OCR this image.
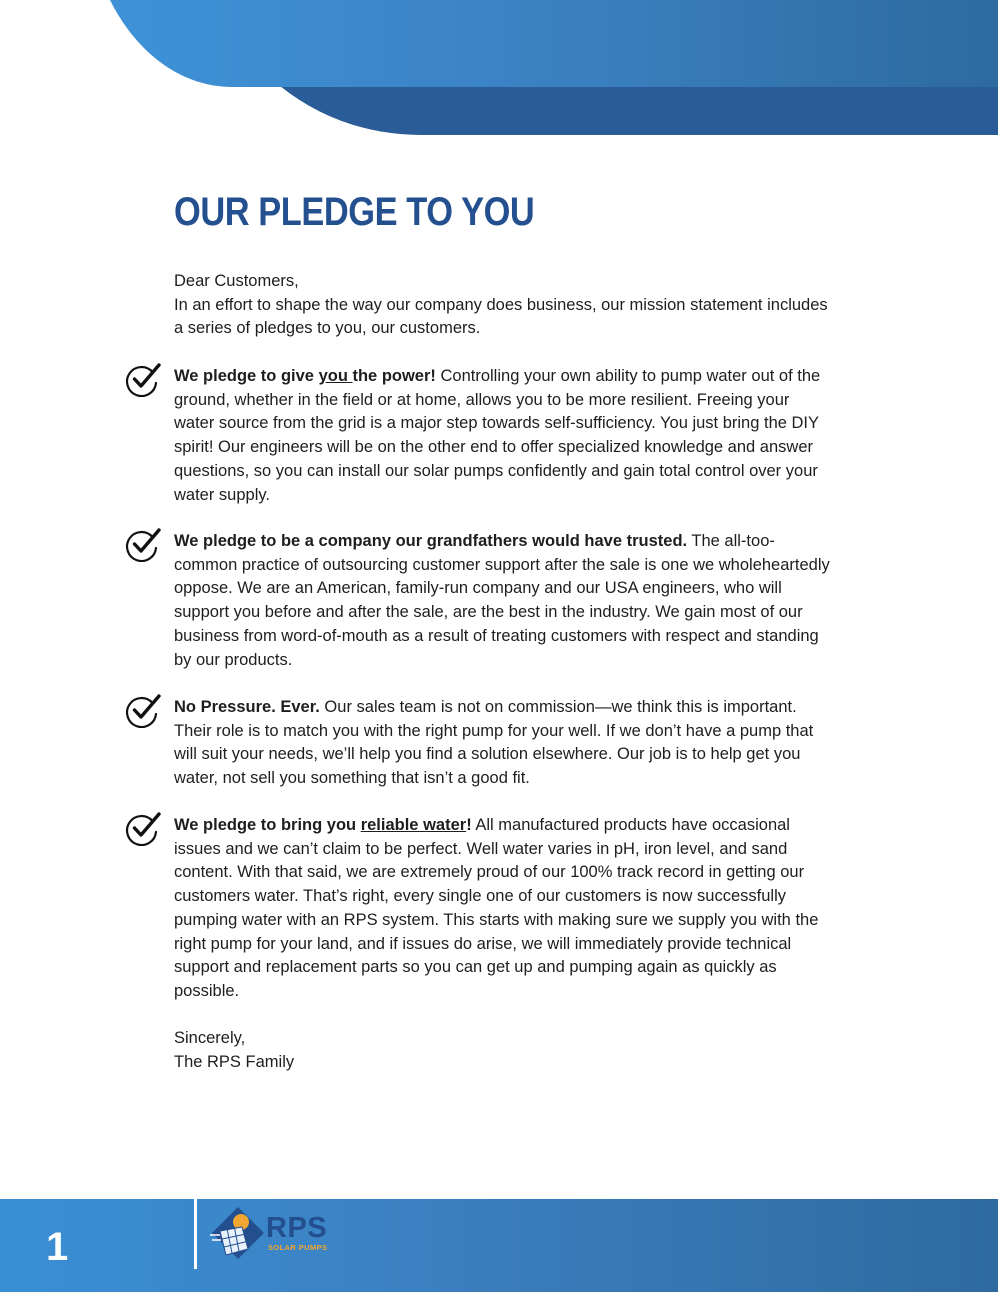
OUR PLEDGE TO YOU

Dear Customers,

In an effort to shape the way our company does business, our mission statement includes a series of pledges to you, our customers.

We pledge to give you the power! Controlling your own ability to pump water out of the ground, whether in the field or at home, allows you to be more resilient. Freeing your water source from the grid is a major step towards self-sufficiency. You just bring the DIY spirit! Our engineers will be on the other end to offer specialized knowledge and answer questions, so you can install our solar pumps confidently and gain total control over your water supply.

We pledge to be a company our grandfathers would have trusted. The all-too-common practice of outsourcing customer support after the sale is one we wholeheartedly oppose. We are an American, family-run company and our USA engineers, who will support you before and after the sale, are the best in the industry. We gain most of our business from word-of-mouth as a result of treating customers with respect and standing by our products.

No Pressure. Ever. Our sales team is not on commission—we think this is important. Their role is to match you with the right pump for your well. If we don’t have a pump that will suit your needs, we’ll help you find a solution elsewhere. Our job is to help get you water, not sell you something that isn’t a good fit.

We pledge to bring you reliable water! All manufactured products have occasional issues and we can’t claim to be perfect. Well water varies in pH, iron level, and sand content. With that said, we are extremely proud of our 100% track record in getting our customers water. That’s right, every single one of our customers is now successfully pumping water with an RPS system. This starts with making sure we supply you with the right pump for your land, and if issues do arise, we will immediately provide technical support and replacement parts so you can get up and pumping again as quickly as possible.

Sincerely,

The RPS Family

1	RPS
SOLAR PUMPS
